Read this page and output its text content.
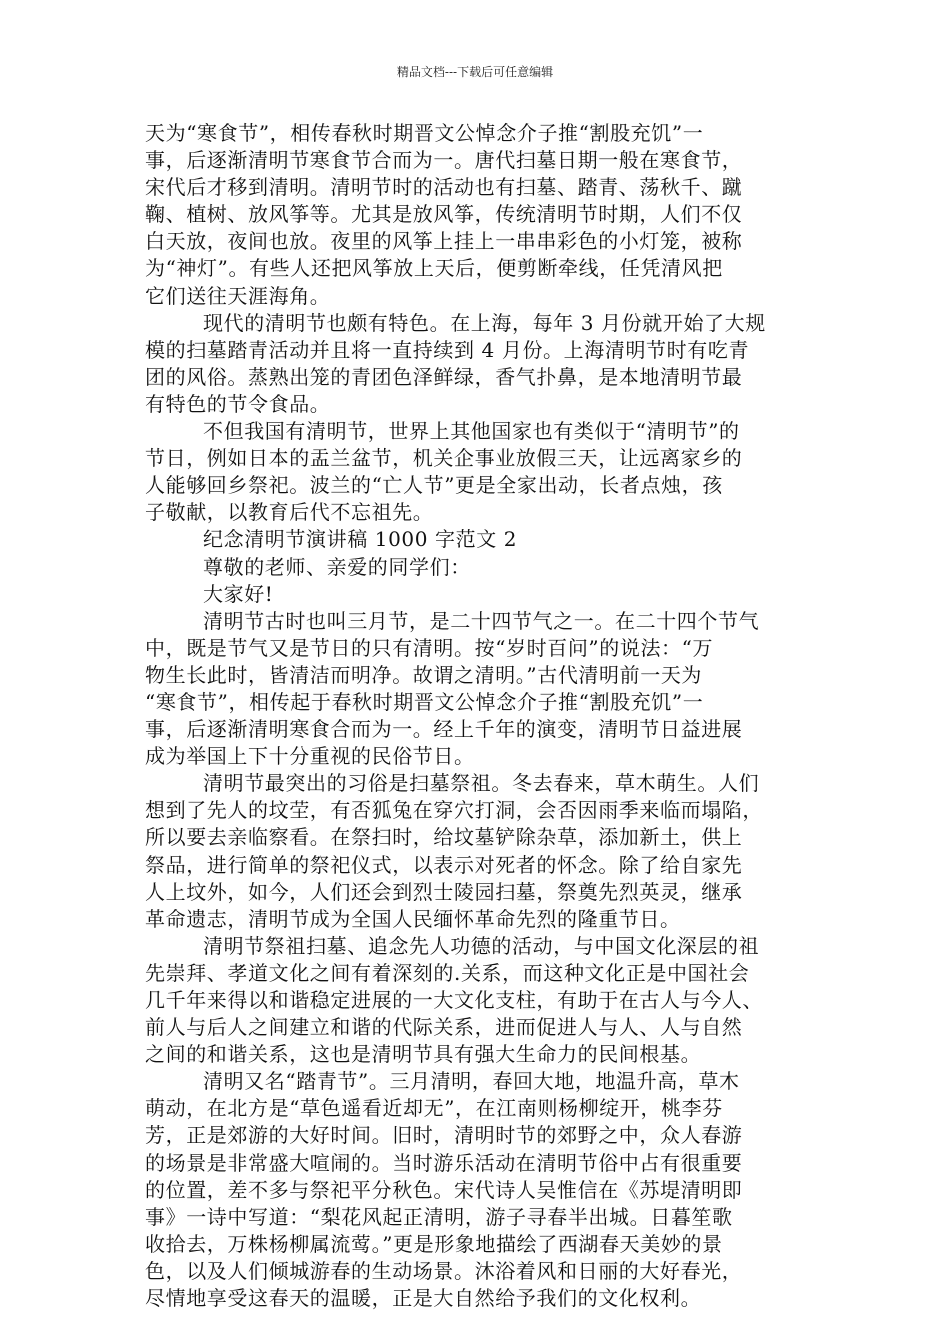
精品文档---下载后可任意编辑
天为“寒食节”，相传春秋时期晋文公悼念介子推“割股充饥”一
事，后逐渐清明节寒食节合而为一。唐代扫墓日期一般在寒食节，
宋代后才移到清明。清明节时的活动也有扫墓、踏青、荡秋千、蹴
鞠、植树、放风筝等。尤其是放风筝，传统清明节时期，人们不仅
白天放，夜间也放。夜里的风筝上挂上一串串彩色的小灯笼，被称
为“神灯”。有些人还把风筝放上天后，便剪断牵线，任凭清风把
它们送往天涯海角。
现代的清明节也颇有特色。在上海，每年 3 月份就开始了大规
模的扫墓踏青活动并且将一直持续到 4 月份。上海清明节时有吃青
团的风俗。蒸熟出笼的青团色泽鲜绿，香气扑鼻，是本地清明节最
有特色的节令食品。
不但我国有清明节，世界上其他国家也有类似于“清明节”的
节日，例如日本的盂兰盆节，机关企事业放假三天，让远离家乡的
人能够回乡祭祀。波兰的“亡人节”更是全家出动，长者点烛，孩
子敬献，以教育后代不忘祖先。
纪念清明节演讲稿 1000 字范文 2
尊敬的老师、亲爱的同学们：
大家好!
清明节古时也叫三月节，是二十四节气之一。在二十四个节气
中，既是节气又是节日的只有清明。按“岁时百问”的说法：“万
物生长此时，皆清洁而明净。故谓之清明。”古代清明前一天为
“寒食节”，相传起于春秋时期晋文公悼念介子推“割股充饥”一
事，后逐渐清明寒食合而为一。经上千年的演变，清明节日益进展
成为举国上下十分重视的民俗节日。
清明节最突出的习俗是扫墓祭祖。冬去春来，草木萌生。人们
想到了先人的坟茔，有否狐兔在穿穴打洞，会否因雨季来临而塌陷，
所以要去亲临察看。在祭扫时，给坟墓铲除杂草，添加新土，供上
祭品，进行简单的祭祀仪式，以表示对死者的怀念。除了给自家先
人上坟外，如今，人们还会到烈士陵园扫墓，祭奠先烈英灵，继承
革命遗志，清明节成为全国人民缅怀革命先烈的隆重节日。
清明节祭祖扫墓、追念先人功德的活动，与中国文化深层的祖
先崇拜、孝道文化之间有着深刻的.关系，而这种文化正是中国社会
几千年来得以和谐稳定进展的一大文化支柱，有助于在古人与今人、
前人与后人之间建立和谐的代际关系，进而促进人与人、人与自然
之间的和谐关系，这也是清明节具有强大生命力的民间根基。
清明又名“踏青节”。三月清明，春回大地，地温升高，草木
萌动，在北方是“草色遥看近却无”，在江南则杨柳绽开，桃李芬
芳，正是郊游的大好时间。旧时，清明时节的郊野之中，众人春游
的场景是非常盛大喧闹的。当时游乐活动在清明节俗中占有很重要
的位置，差不多与祭祀平分秋色。宋代诗人吴惟信在《苏堤清明即
事》一诗中写道：“梨花风起正清明，游子寻春半出城。日暮笙歌
收拾去，万株杨柳属流莺。”更是形象地描绘了西湖春天美妙的景
色，以及人们倾城游春的生动场景。沐浴着风和日丽的大好春光，
尽情地享受这春天的温暖，正是大自然给予我们的文化权利。
